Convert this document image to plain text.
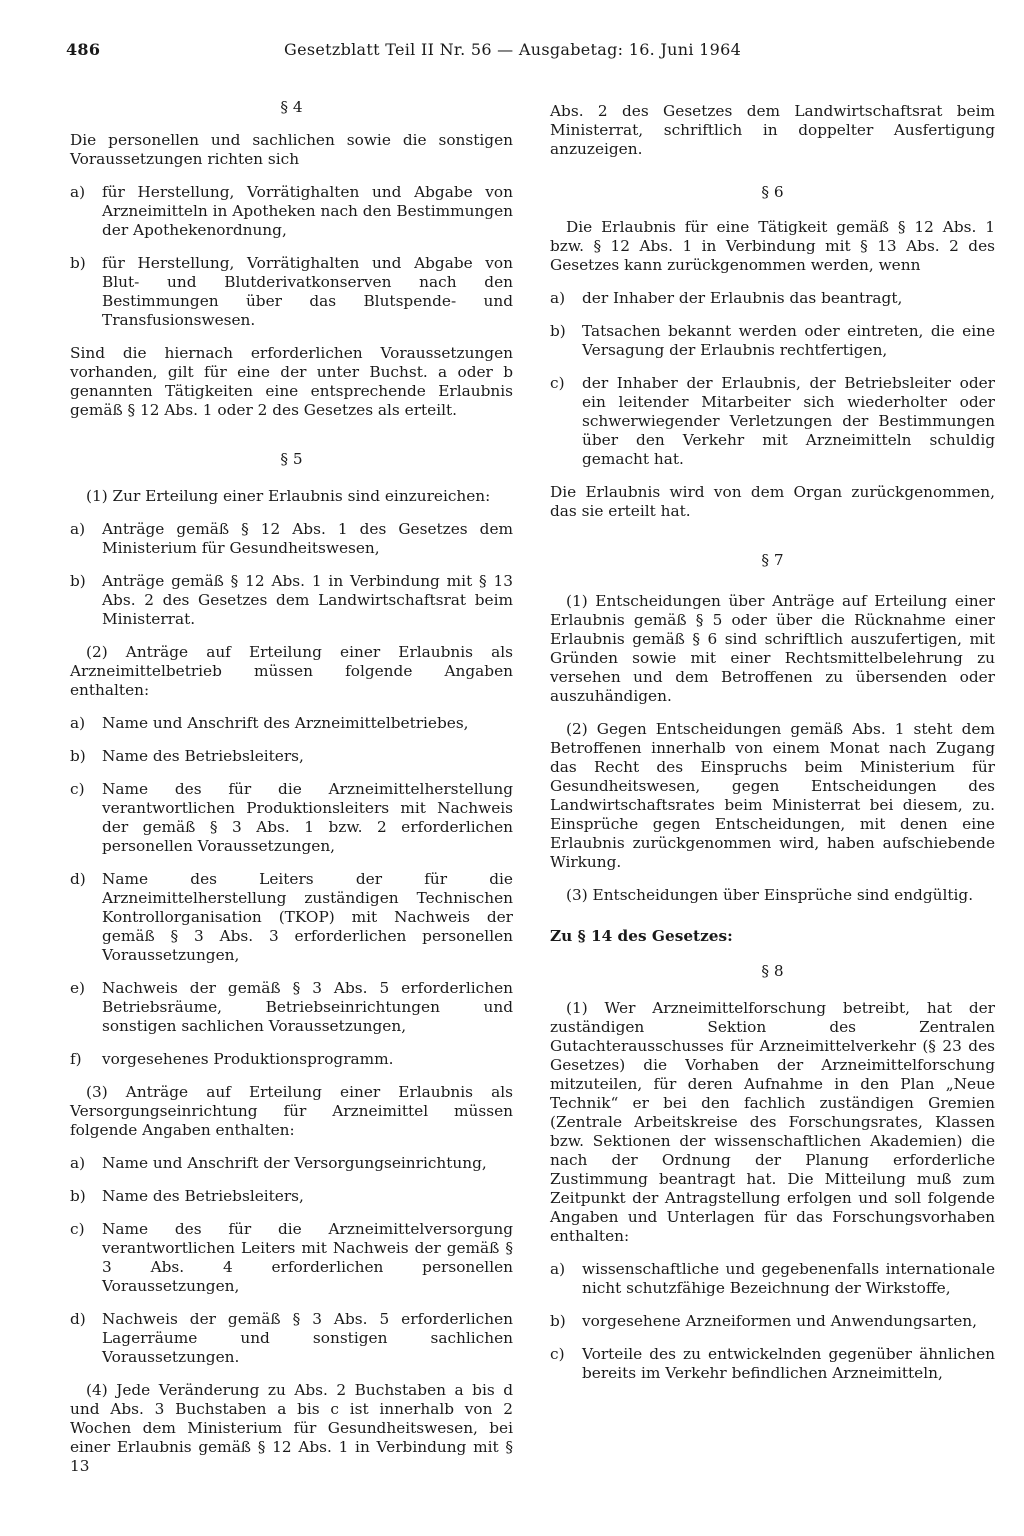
486	Gesetzblatt Teil II Nr. 56 — Ausgabetag: 16. Juni 1964
§ 4

Die personellen und sachlichen sowie die sonstigen Voraussetzungen richten sich

a)	für Herstellung, Vorrätighalten und Abgabe von Arzneimitteln in Apotheken nach den Bestimmungen der Apothekenordnung,
b)	für Herstellung, Vorrätighalten und Abgabe von Blut- und Blutderivatkonserven nach den Bestimmungen über das Blutspende- und Transfusionswesen.

Sind die hiernach erforderlichen Voraussetzungen vorhanden, gilt für eine der unter Buchst. a oder b genannten Tätigkeiten eine entsprechende Erlaubnis gemäß § 12 Abs. 1 oder 2 des Gesetzes als erteilt.

§ 5

(1) Zur Erteilung einer Erlaubnis sind einzureichen:

a)	Anträge gemäß § 12 Abs. 1 des Gesetzes dem Ministerium für Gesundheitswesen,
b)	Anträge gemäß § 12 Abs. 1 in Verbindung mit § 13 Abs. 2 des Gesetzes dem Landwirtschaftsrat beim Ministerrat.

(2) Anträge auf Erteilung einer Erlaubnis als Arzneimittelbetrieb müssen folgende Angaben enthalten:

a)	Name und Anschrift des Arzneimittelbetriebes,
b)	Name des Betriebsleiters,
c)	Name des für die Arzneimittelherstellung verantwortlichen Produktionsleiters mit Nachweis der gemäß § 3 Abs. 1 bzw. 2 erforderlichen personellen Voraussetzungen,
d)	Name des Leiters der für die Arzneimittelherstellung zuständigen Technischen Kontrollorganisation (TKOP) mit Nachweis der gemäß § 3 Abs. 3 erforderlichen personellen Voraussetzungen,
e)	Nachweis der gemäß § 3 Abs. 5 erforderlichen Betriebsräume, Betriebseinrichtungen und sonstigen sachlichen Voraussetzungen,
f)	vorgesehenes Produktionsprogramm.

(3) Anträge auf Erteilung einer Erlaubnis als Versorgungseinrichtung für Arzneimittel müssen folgende Angaben enthalten:

a)	Name und Anschrift der Versorgungseinrichtung,
b)	Name des Betriebsleiters,
c)	Name des für die Arzneimittelversorgung verantwortlichen Leiters mit Nachweis der gemäß § 3 Abs. 4 erforderlichen personellen Voraussetzungen,
d)	Nachweis der gemäß § 3 Abs. 5 erforderlichen Lagerräume und sonstigen sachlichen Voraussetzungen.

(4) Jede Veränderung zu Abs. 2 Buchstaben a bis d und Abs. 3 Buchstaben a bis c ist innerhalb von 2 Wochen dem Ministerium für Gesundheitswesen, bei einer Erlaubnis gemäß § 12 Abs. 1 in Verbindung mit § 13

Abs. 2 des Gesetzes dem Landwirtschaftsrat beim Ministerrat, schriftlich in doppelter Ausfertigung anzuzeigen.

§ 6

Die Erlaubnis für eine Tätigkeit gemäß § 12 Abs. 1 bzw. § 12 Abs. 1 in Verbindung mit § 13 Abs. 2 des Gesetzes kann zurückgenommen werden, wenn

a)	der Inhaber der Erlaubnis das beantragt,
b)	Tatsachen bekannt werden oder eintreten, die eine Versagung der Erlaubnis rechtfertigen,
c)	der Inhaber der Erlaubnis, der Betriebsleiter oder ein leitender Mitarbeiter sich wiederholter oder schwerwiegender Verletzungen der Bestimmungen über den Verkehr mit Arzneimitteln schuldig gemacht hat.

Die Erlaubnis wird von dem Organ zurückgenommen, das sie erteilt hat.

§ 7

(1) Entscheidungen über Anträge auf Erteilung einer Erlaubnis gemäß § 5 oder über die Rücknahme einer Erlaubnis gemäß § 6 sind schriftlich auszufertigen, mit Gründen sowie mit einer Rechtsmittelbelehrung zu versehen und dem Betroffenen zu übersenden oder auszuhändigen.

(2) Gegen Entscheidungen gemäß Abs. 1 steht dem Betroffenen innerhalb von einem Monat nach Zugang das Recht des Einspruchs beim Ministerium für Gesundheitswesen, gegen Entscheidungen des Landwirtschaftsrates beim Ministerrat bei diesem, zu. Einsprüche gegen Entscheidungen, mit denen eine Erlaubnis zurückgenommen wird, haben aufschiebende Wirkung.

(3) Entscheidungen über Einsprüche sind endgültig.

Zu § 14 des Gesetzes:
§ 8

(1) Wer Arzneimittelforschung betreibt, hat der zuständigen Sektion des Zentralen Gutachterausschusses für Arzneimittelverkehr (§ 23 des Gesetzes) die Vorhaben der Arzneimittelforschung mitzuteilen, für deren Aufnahme in den Plan „Neue Technik“ er bei den fachlich zuständigen Gremien (Zentrale Arbeitskreise des Forschungsrates, Klassen bzw. Sektionen der wissenschaftlichen Akademien) die nach der Ordnung der Planung erforderliche Zustimmung beantragt hat. Die Mitteilung muß zum Zeitpunkt der Antragstellung erfolgen und soll folgende Angaben und Unterlagen für das Forschungsvorhaben enthalten:

a)	wissenschaftliche und gegebenenfalls internationale nicht schutzfähige Bezeichnung der Wirkstoffe,
b)	vorgesehene Arzneiformen und Anwendungsarten,
c)	Vorteile des zu entwickelnden gegenüber ähnlichen bereits im Verkehr befindlichen Arzneimitteln,
